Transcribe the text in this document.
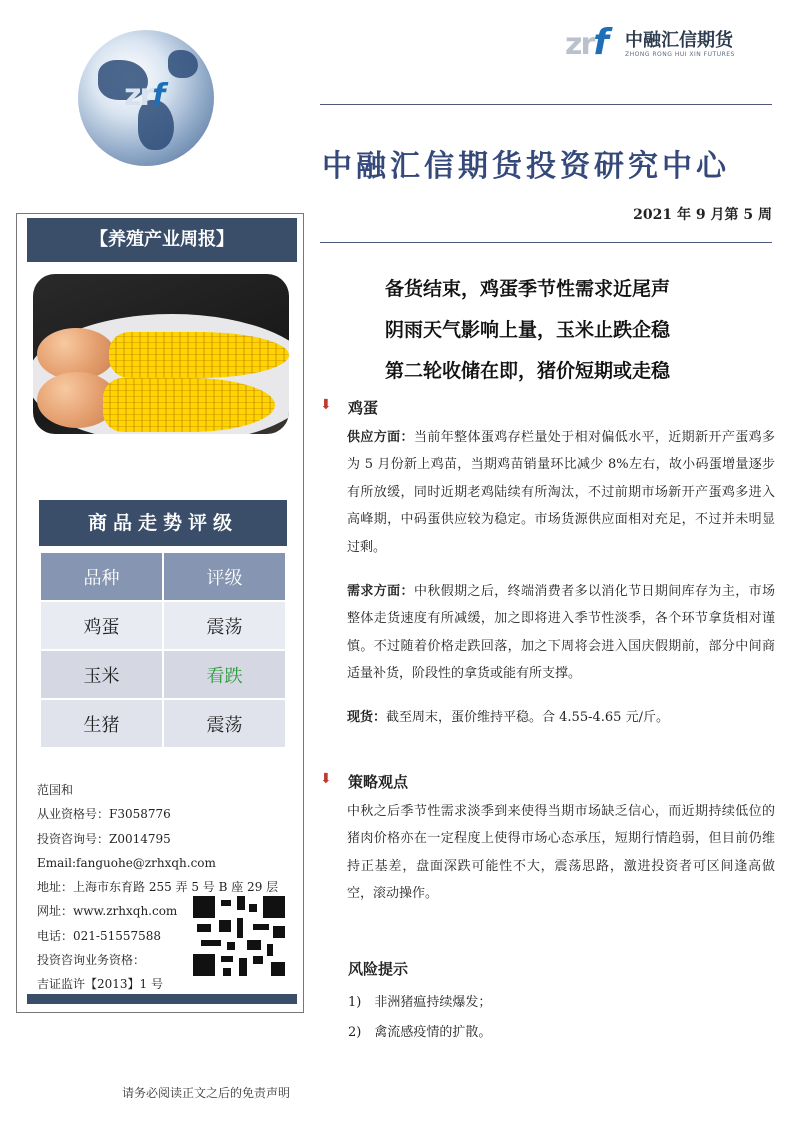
zrf
zrf 中融汇信期货
ZHONG RONG HUI XIN FUTURES
中融汇信期货投资研究中心
2021 年 9 月第 5 周
备货结束，鸡蛋季节性需求近尾声
阴雨天气影响上量，玉米止跌企稳
第二轮收储在即，猪价短期或走稳
【养殖产业周报】
商品走势评级
品种	评级
鸡蛋	震荡
玉米	看跌
生猪	震荡
范国和
从业资格号：F3058776
投资咨询号：Z0014795
Email:fanguohe@zrhxqh.com
地址：上海市东育路 255 弄 5 号 B 座 29 层
网址：www.zrhxqh.com
电话：021-51557588
投资咨询业务资格：
吉证监许【2013】1 号
⬇ 鸡蛋
供应方面：当前年整体蛋鸡存栏量处于相对偏低水平，近期新开产蛋鸡多为 5 月份新上鸡苗，当期鸡苗销量环比减少 8%左右，故小码蛋增量逐步有所放缓，同时近期老鸡陆续有所淘汰，不过前期市场新开产蛋鸡多进入高峰期，中码蛋供应较为稳定。市场货源供应面相对充足，不过并未明显过剩。
需求方面：中秋假期之后，终端消费者多以消化节日期间库存为主，市场整体走货速度有所减缓，加之即将进入季节性淡季，各个环节拿货相对谨慎。不过随着价格走跌回落，加之下周将会进入国庆假期前，部分中间商适量补货，阶段性的拿货或能有所支撑。
现货：截至周末，蛋价维持平稳。合 4.55-4.65 元/斤。
⬇ 策略观点
中秋之后季节性需求淡季到来使得当期市场缺乏信心，而近期持续低位的猪肉价格亦在一定程度上使得市场心态承压，短期行情趋弱，但目前仍维持正基差，盘面深跌可能性不大，震荡思路，激进投资者可区间逢高做空，滚动操作。
风险提示
1)　非洲猪瘟持续爆发；
2)　禽流感疫情的扩散。
请务必阅读正文之后的免责声明
